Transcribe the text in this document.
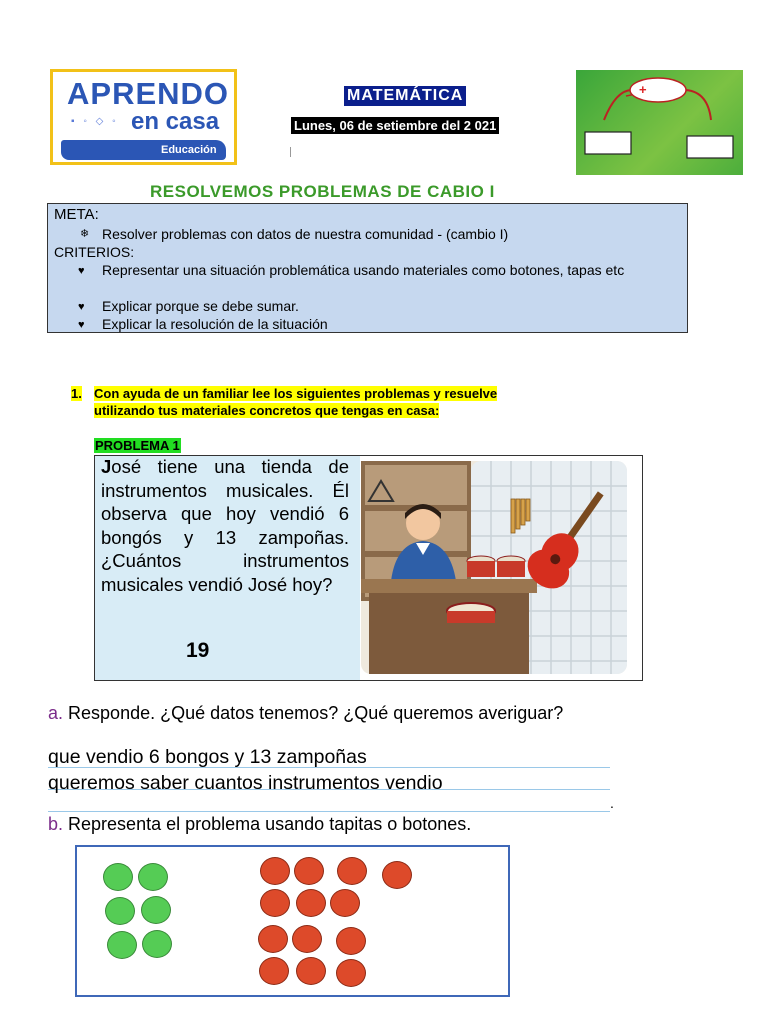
APRENDO
▪ ◦ ◇ ◦ en casa
Educación
MATEMÁTICA
Lunes, 06 de setiembre del 2 021
+
RESOLVEMOS PROBLEMAS DE CABIO I
META:
❄ Resolver problemas con datos de nuestra comunidad - (cambio I)
CRITERIOS:
♥ Representar una situación problemática usando materiales como botones, tapas etc
♥ Explicar porque se debe sumar.
♥ Explicar la resolución de la situación
1. Con ayuda de un familiar lee los siguientes problemas y resuelve
utilizando tus materiales concretos que tengas en casa:
PROBLEMA 1
José tiene una tienda de instrumentos musicales. Él observa que hoy vendió 6 bongós y 13 zampoñas. ¿Cuántos instrumentos musicales vendió José hoy?
19
a. Responde. ¿Qué datos tenemos? ¿Qué queremos averiguar?
que vendio 6 bongos y 13 zampoñas
queremos saber cuantos instrumentos vendio
.
b. Representa el problema usando tapitas o botones.
